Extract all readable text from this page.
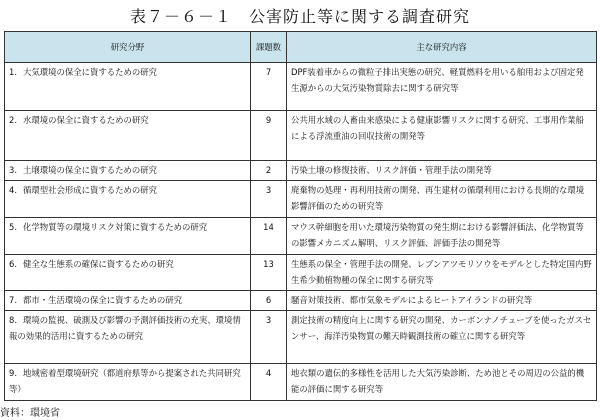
表７－６－１　公害防止等に関する調査研究
研究分野	課題数	主な研究内容
1. 大気環境の保全に資するための研究	7	DPF装着車からの微粒子排出実態の研究、軽質燃料を用いる舶用および固定発生源からの大気汚染物質除去に関する研究等
2. 水環境の保全に資するための研究	9	公共用水域の人畜由来感染による健康影響リスクに関する研究、工事用作業船による浮流重油の回収技術の開発等
3. 土壌環境の保全に資するための研究	2	汚染土壌の修復技術、リスク評価・管理手法の開発等
4. 循環型社会形成に資するための研究	3	廃棄物の処理・再利用技術の開発、再生建材の循環利用における長期的な環境影響評価のための研究等
5. 化学物質等の環境リスク対策に資するための研究	14	マウス幹細胞を用いた環境汚染物質の発生期における影響評価法、化学物質等の影響メカニズム解明、リスク評価、評価手法の開発等
6. 健全な生態系の確保に資するための研究	13	生態系の保全・管理手法の開発、レブンアツモリソウをモデルとした特定国内野生希少動植物種の保全に関する研究等
7. 都市・生活環境の保全に資するための研究	6	騒音対策技術、都市気象モデルによるヒートアイランドの研究等
8. 環境の監視、破測及び影響の予測評価技術の充実、環境情報の効果的活用に資するための研究	3	測定技術の精度向上に関する研究の開発、カーボンナノチューブを使ったガスセンサー、海洋汚染物質の難天時観測技術の確立に関する研究等
9. 地域密着型環境研究（都道府県等から提案された共同研究等）	4	地衣類の遺伝的多様性を活用した大気汚染診断、ため池とその周辺の公益的機能の評価に関する研究等
資料：環境省
